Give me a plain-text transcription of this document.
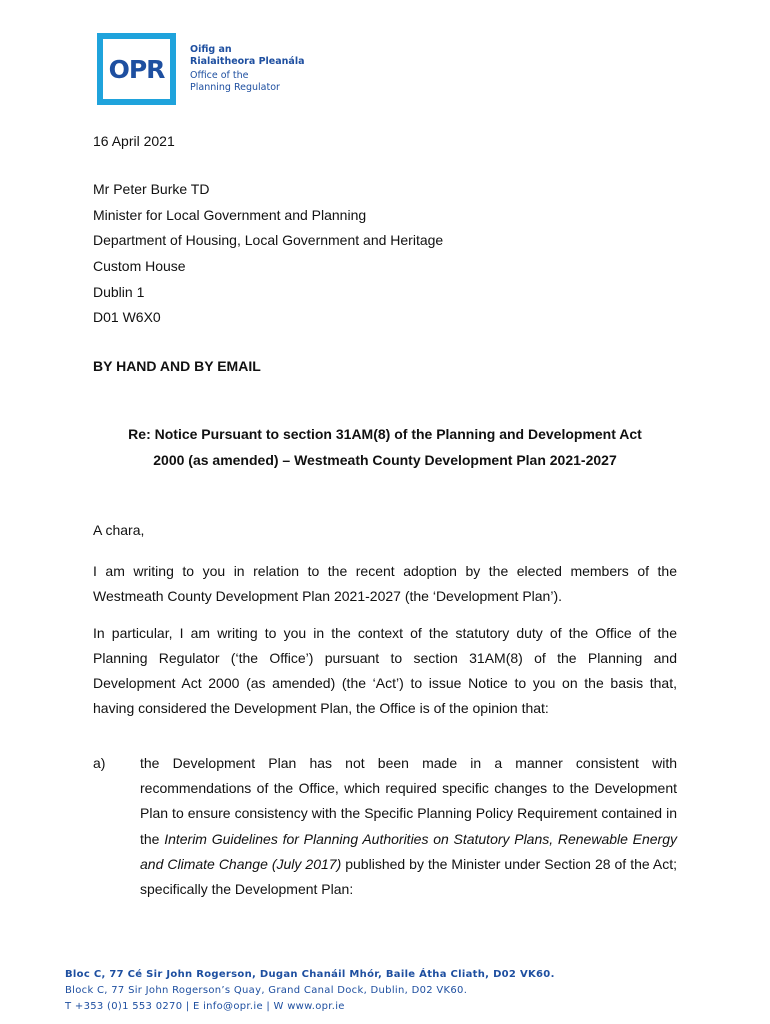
OPR
Oifig an
Rialaitheora Pleanála
Office of the
Planning Regulator
16 April 2021
Mr Peter Burke TD
Minister for Local Government and Planning
Department of Housing, Local Government and Heritage
Custom House
Dublin 1
D01 W6X0
BY HAND AND BY EMAIL
Re: Notice Pursuant to section 31AM(8) of the Planning and Development Act
2000 (as amended) – Westmeath County Development Plan 2021-2027
A chara,
I am writing to you in relation to the recent adoption by the elected members of the Westmeath County Development Plan 2021-2027 (the ‘Development Plan’).
In particular, I am writing to you in the context of the statutory duty of the Office of the Planning Regulator (‘the Office’) pursuant to section 31AM(8) of the Planning and Development Act 2000 (as amended) (the ‘Act’) to issue Notice to you on the basis that, having considered the Development Plan, the Office is of the opinion that:
a) the Development Plan has not been made in a manner consistent with recommendations of the Office, which required specific changes to the Development Plan to ensure consistency with the Specific Planning Policy Requirement contained in the Interim Guidelines for Planning Authorities on Statutory Plans, Renewable Energy and Climate Change (July 2017) published by the Minister under Section 28 of the Act; specifically the Development Plan:
Bloc C, 77 Cé Sir John Rogerson, Dugan Chanáil Mhór, Baile Átha Cliath, D02 VK60.
Block C, 77 Sir John Rogerson’s Quay, Grand Canal Dock, Dublin, D02 VK60.
T +353 (0)1 553 0270 | E info@opr.ie | W www.opr.ie
